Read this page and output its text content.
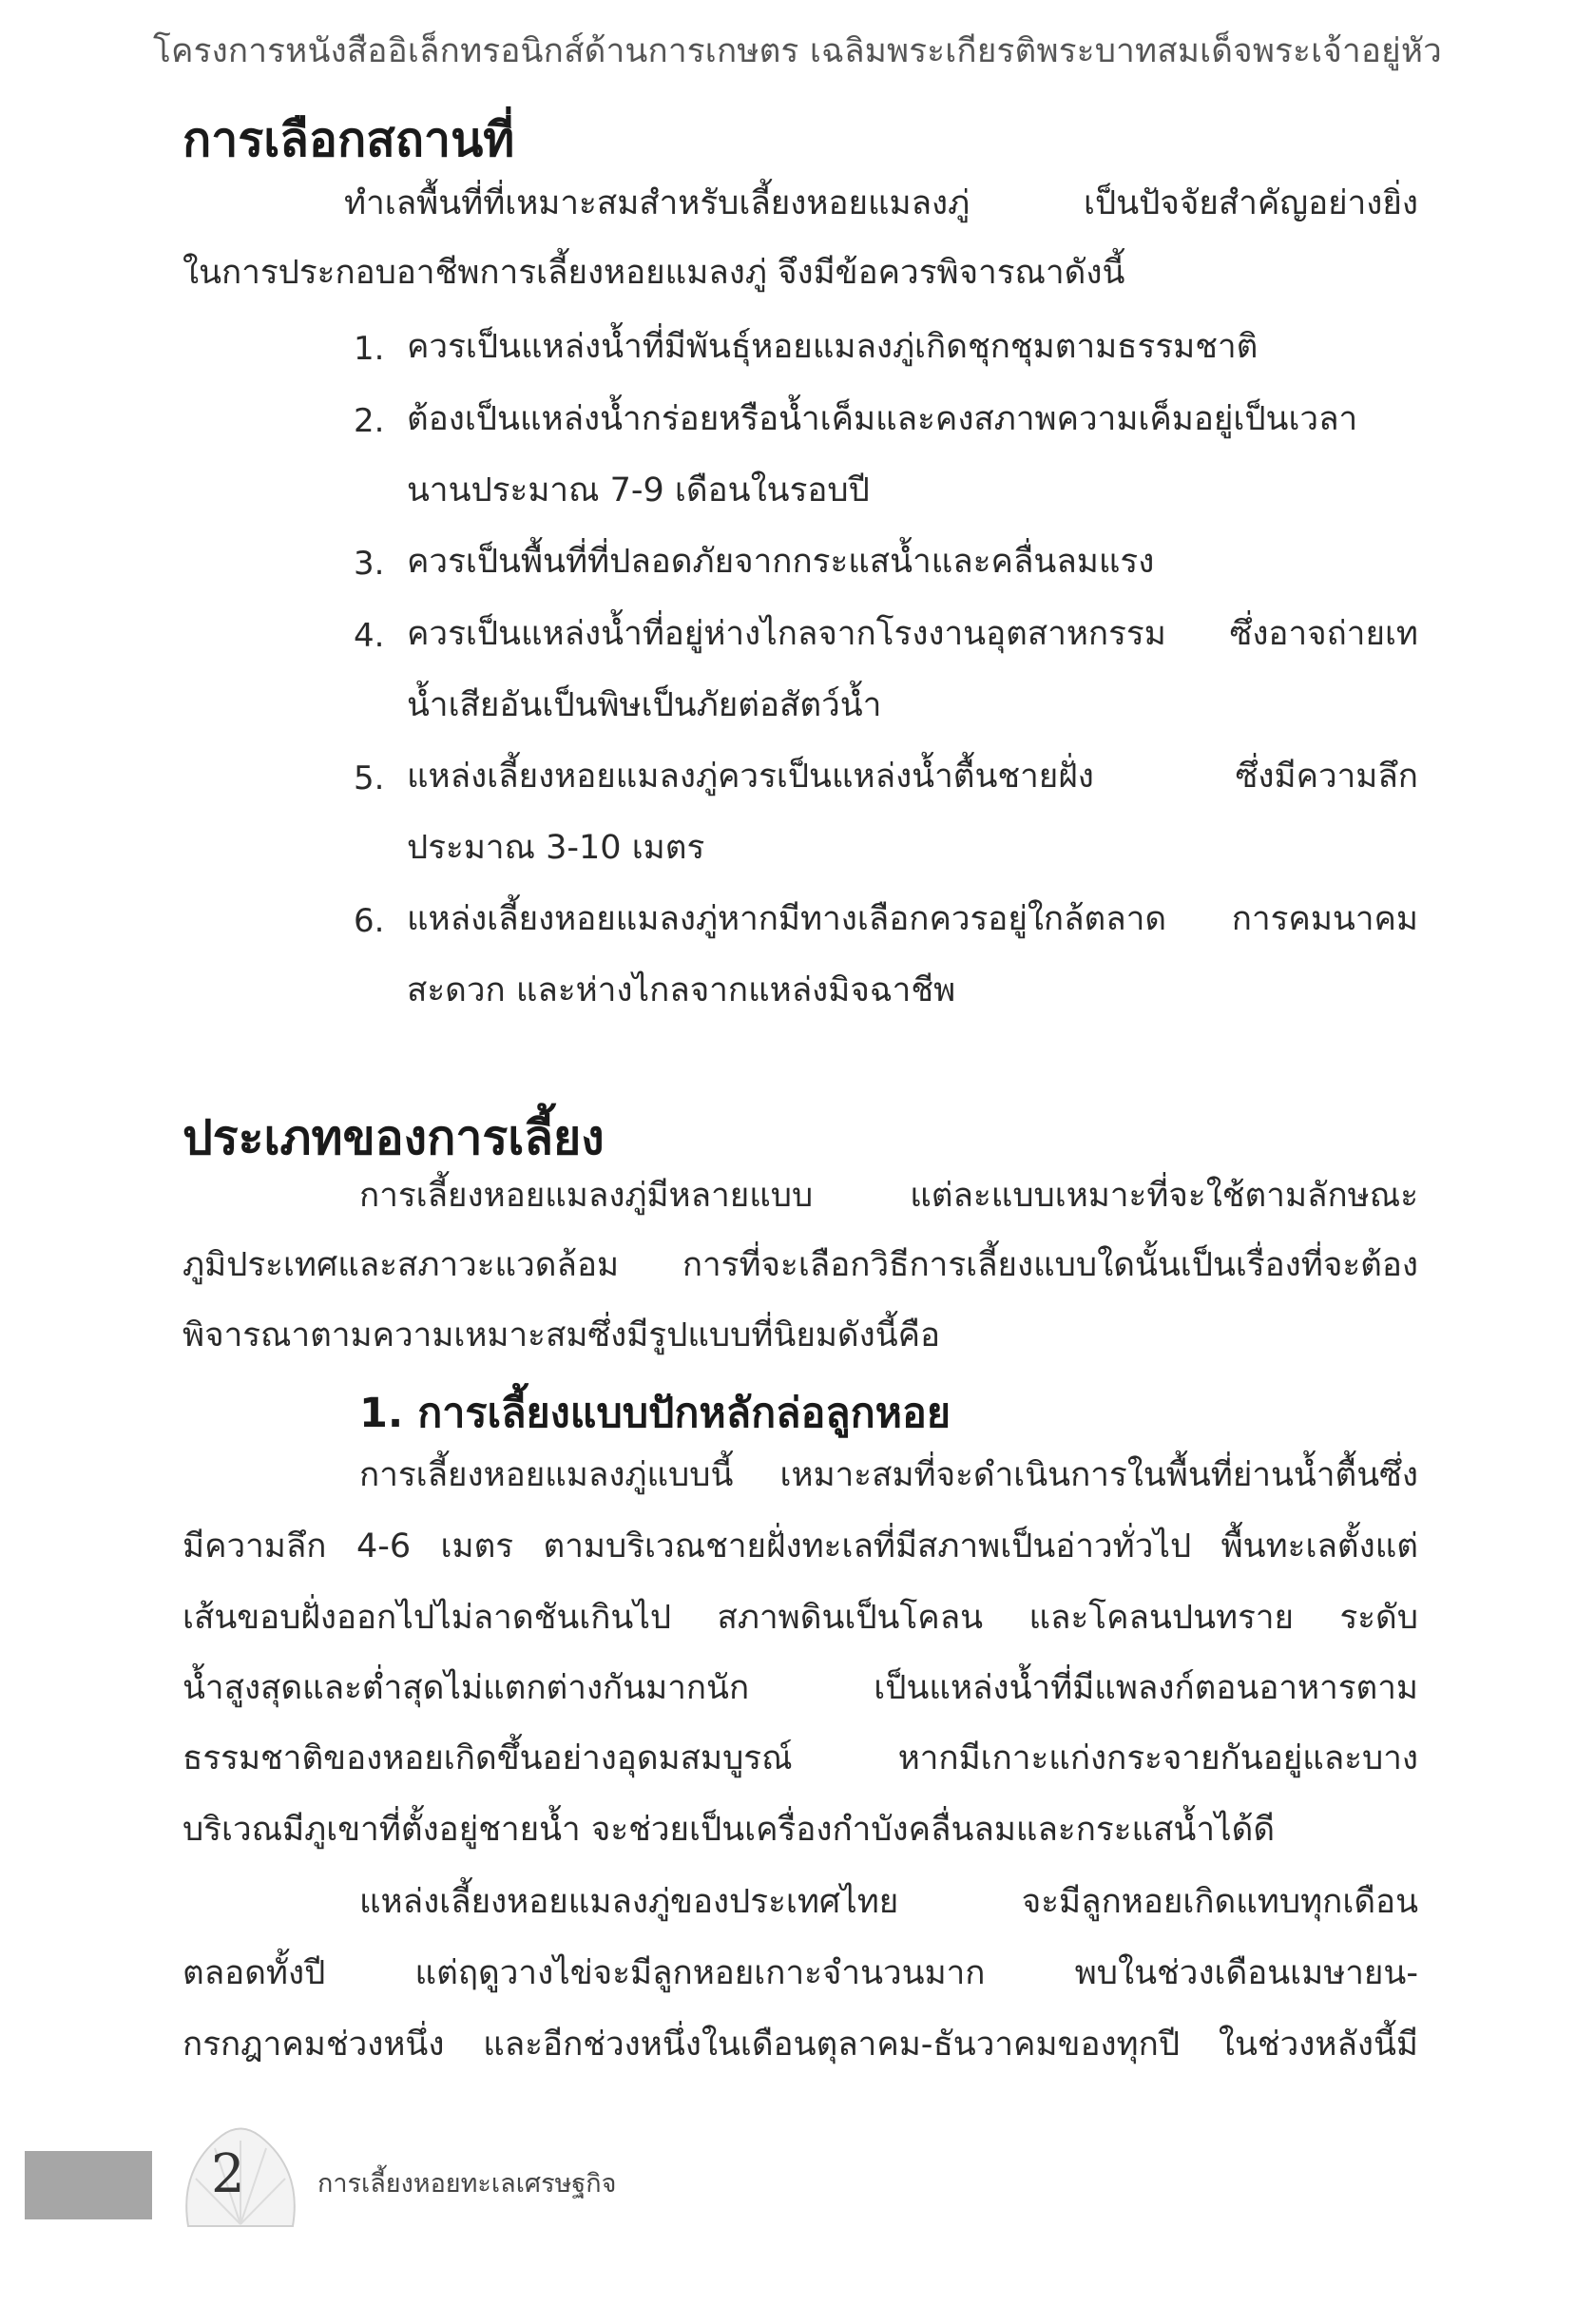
โครงการหนังสืออิเล็กทรอนิกส์ด้านการเกษตร เฉลิมพระเกียรติพระบาทสมเด็จพระเจ้าอยู่หัว
การเลือกสถานที่
ทำเลพื้นที่ที่เหมาะสมสำหรับเลี้ยงหอยแมลงภู่ เป็นปัจจัยสำคัญอย่างยิ่ง
ในการประกอบอาชีพการเลี้ยงหอยแมลงภู่ จึงมีข้อควรพิจารณาดังนี้
1. ควรเป็นแหล่งน้ำที่มีพันธุ์หอยแมลงภู่เกิดชุกชุมตามธรรมชาติ
2. ต้องเป็นแหล่งน้ำกร่อยหรือน้ำเค็มและคงสภาพความเค็มอยู่เป็นเวลา
นานประมาณ 7-9 เดือนในรอบปี
3. ควรเป็นพื้นที่ที่ปลอดภัยจากกระแสน้ำและคลื่นลมแรง
4. ควรเป็นแหล่งน้ำที่อยู่ห่างไกลจากโรงงานอุตสาหกรรม ซึ่งอาจถ่ายเท
น้ำเสียอันเป็นพิษเป็นภัยต่อสัตว์น้ำ
5. แหล่งเลี้ยงหอยแมลงภู่ควรเป็นแหล่งน้ำตื้นชายฝั่ง ซึ่งมีความลึก
ประมาณ 3-10 เมตร
6. แหล่งเลี้ยงหอยแมลงภู่หากมีทางเลือกควรอยู่ใกล้ตลาด การคมนาคม
สะดวก และห่างไกลจากแหล่งมิจฉาชีพ
ประเภทของการเลี้ยง
การเลี้ยงหอยแมลงภู่มีหลายแบบ แต่ละแบบเหมาะที่จะใช้ตามลักษณะ
ภูมิประเทศและสภาวะแวดล้อม การที่จะเลือกวิธีการเลี้ยงแบบใดนั้นเป็นเรื่องที่จะต้อง
พิจารณาตามความเหมาะสมซึ่งมีรูปแบบที่นิยมดังนี้คือ
1. การเลี้ยงแบบปักหลักล่อลูกหอย
การเลี้ยงหอยแมลงภู่แบบนี้ เหมาะสมที่จะดำเนินการในพื้นที่ย่านน้ำตื้นซึ่ง
มีความลึก 4-6 เมตร ตามบริเวณชายฝั่งทะเลที่มีสภาพเป็นอ่าวทั่วไป พื้นทะเลตั้งแต่
เส้นขอบฝั่งออกไปไม่ลาดชันเกินไป สภาพดินเป็นโคลน และโคลนปนทราย ระดับ
น้ำสูงสุดและต่ำสุดไม่แตกต่างกันมากนัก เป็นแหล่งน้ำที่มีแพลงก์ตอนอาหารตาม
ธรรมชาติของหอยเกิดขึ้นอย่างอุดมสมบูรณ์ หากมีเกาะแก่งกระจายกันอยู่และบาง
บริเวณมีภูเขาที่ตั้งอยู่ชายน้ำ จะช่วยเป็นเครื่องกำบังคลื่นลมและกระแสน้ำได้ดี
แหล่งเลี้ยงหอยแมลงภู่ของประเทศไทย จะมีลูกหอยเกิดแทบทุกเดือน
ตลอดทั้งปี แต่ฤดูวางไข่จะมีลูกหอยเกาะจำนวนมาก พบในช่วงเดือนเมษายน-
กรกฎาคมช่วงหนึ่ง และอีกช่วงหนึ่งในเดือนตุลาคม-ธันวาคมของทุกปี ในช่วงหลังนี้มี
2	การเลี้ยงหอยทะเลเศรษฐกิจ
